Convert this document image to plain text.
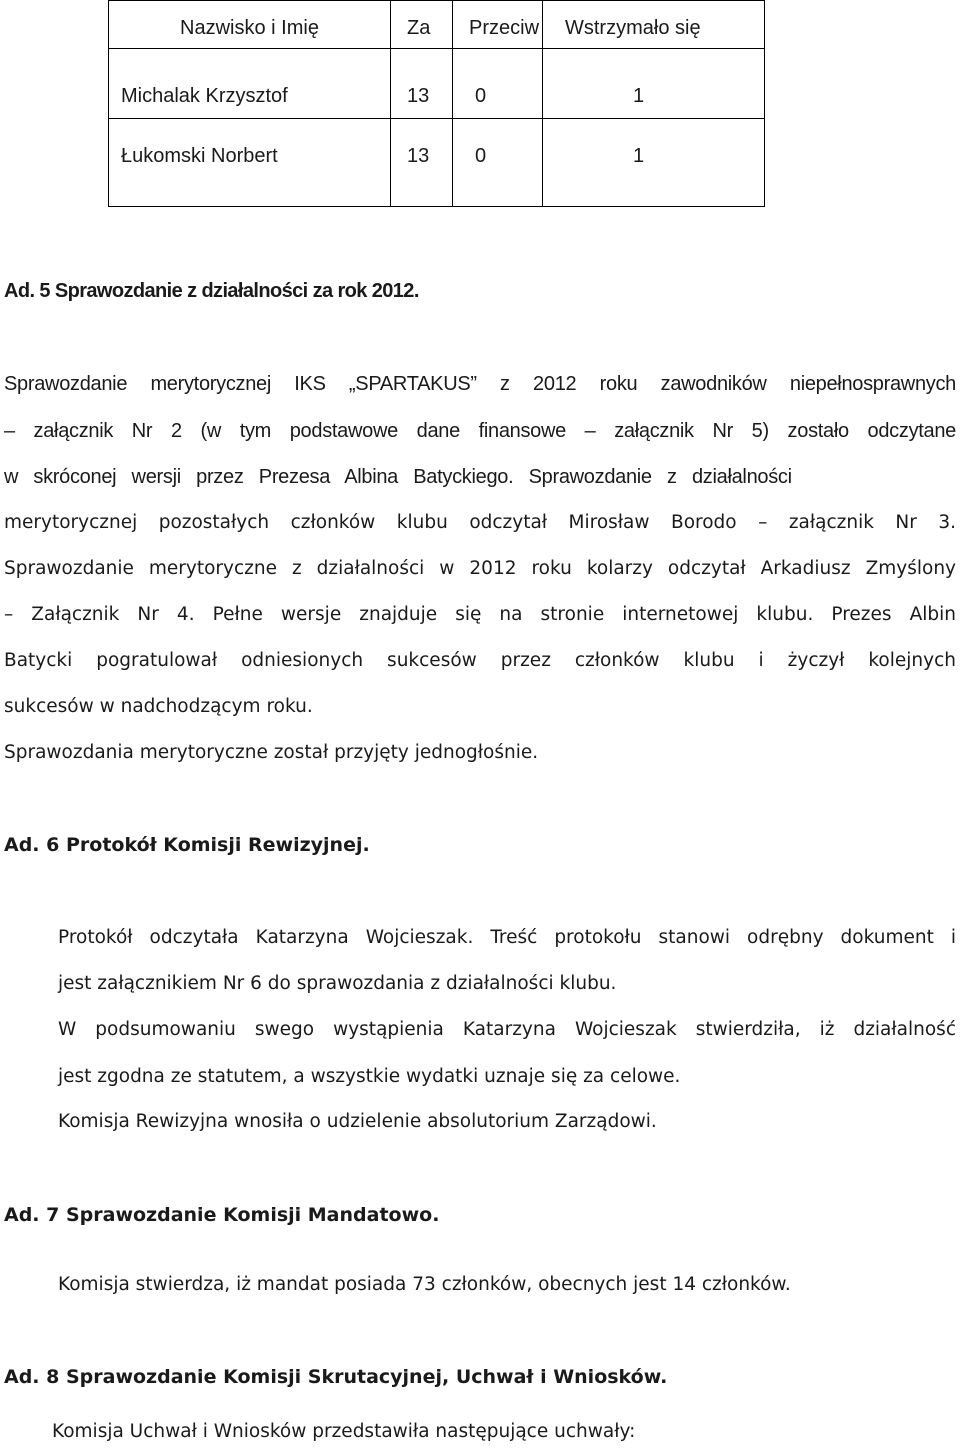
Nazwisko i Imię	Za	Przeciw	Wstrzymało się
Michalak Krzysztof	13	0	1
Łukomski Norbert	13	0	1
Ad. 5 Sprawozdanie z działalności za rok 2012.
Sprawozdanie merytorycznej IKS „SPARTAKUS” z 2012 roku zawodników niepełnosprawnych
– załącznik Nr 2 (w tym podstawowe dane finansowe – załącznik Nr 5) zostało odczytane
w skróconej wersji przez Prezesa Albina Batyckiego. Sprawozdanie z działalności
merytorycznej pozostałych członków klubu odczytał Mirosław Borodo – załącznik Nr 3.
Sprawozdanie merytoryczne z działalności w 2012 roku kolarzy odczytał Arkadiusz Zmyślony
– Załącznik Nr 4. Pełne wersje znajduje się na stronie internetowej klubu. Prezes Albin
Batycki pogratulował odniesionych sukcesów przez członków klubu i życzył kolejnych
sukcesów w nadchodzącym roku.
Sprawozdania merytoryczne został przyjęty jednogłośnie.
Ad. 6 Protokół Komisji Rewizyjnej.
Protokół odczytała Katarzyna Wojcieszak. Treść protokołu stanowi odrębny dokument i
jest załącznikiem Nr 6 do sprawozdania z działalności klubu.
W podsumowaniu swego wystąpienia Katarzyna Wojcieszak stwierdziła, iż działalność
jest zgodna ze statutem, a wszystkie wydatki uznaje się za celowe.
Komisja Rewizyjna wnosiła o udzielenie absolutorium Zarządowi.
Ad. 7 Sprawozdanie Komisji Mandatowo.
Komisja stwierdza, iż mandat posiada 73 członków, obecnych jest 14 członków.
Ad. 8 Sprawozdanie Komisji Skrutacyjnej, Uchwał i Wniosków.
Komisja Uchwał i Wniosków przedstawiła następujące uchwały:
